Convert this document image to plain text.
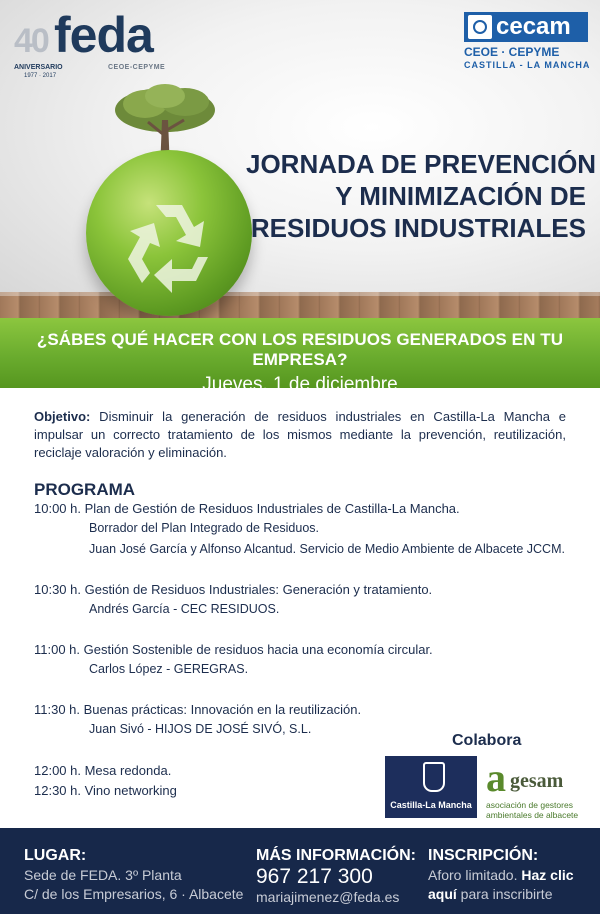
40 feda
ANIVERSARIO
1977 · 2017
CEOE-CEPYME
cecam
CEOE · CEPYME
CASTILLA - LA MANCHA
JORNADA DE PREVENCIÓN
Y MINIMIZACIÓN DE
RESIDUOS INDUSTRIALES
¿SÁBES QUÉ HACER CON LOS RESIDUOS GENERADOS EN TU EMPRESA?
Jueves, 1 de diciembre
Objetivo: Disminuir la generación de residuos industriales en Castilla-La Mancha e impulsar un correcto tratamiento de los mismos mediante la prevención, reutilización, reciclaje valoración y eliminación.
PROGRAMA
10:00 h. Plan de Gestión de Residuos Industriales de Castilla-La Mancha.
Borrador del Plan Integrado de Residuos.
Juan José García y Alfonso Alcantud. Servicio de Medio Ambiente de Albacete JCCM.
10:30 h. Gestión de Residuos Industriales: Generación y tratamiento.
Andrés García - CEC RESIDUOS.
11:00 h. Gestión Sostenible de residuos hacia una economía circular.
Carlos López - GEREGRAS.
11:30 h. Buenas prácticas: Innovación en la reutilización.
Juan Sivó - HIJOS DE JOSÉ SIVÓ, S.L.
12:00 h. Mesa redonda.
12:30 h. Vino networking
Colabora
Castilla-La Mancha
a gesam
asociación de gestores ambientales de albacete
LUGAR:
Sede de FEDA. 3º Planta
C/ de los Empresarios, 6 · Albacete
MÁS INFORMACIÓN:
967 217 300
mariajimenez@feda.es
INSCRIPCIÓN:
Aforo limitado. Haz clic
aquí para inscribirte
